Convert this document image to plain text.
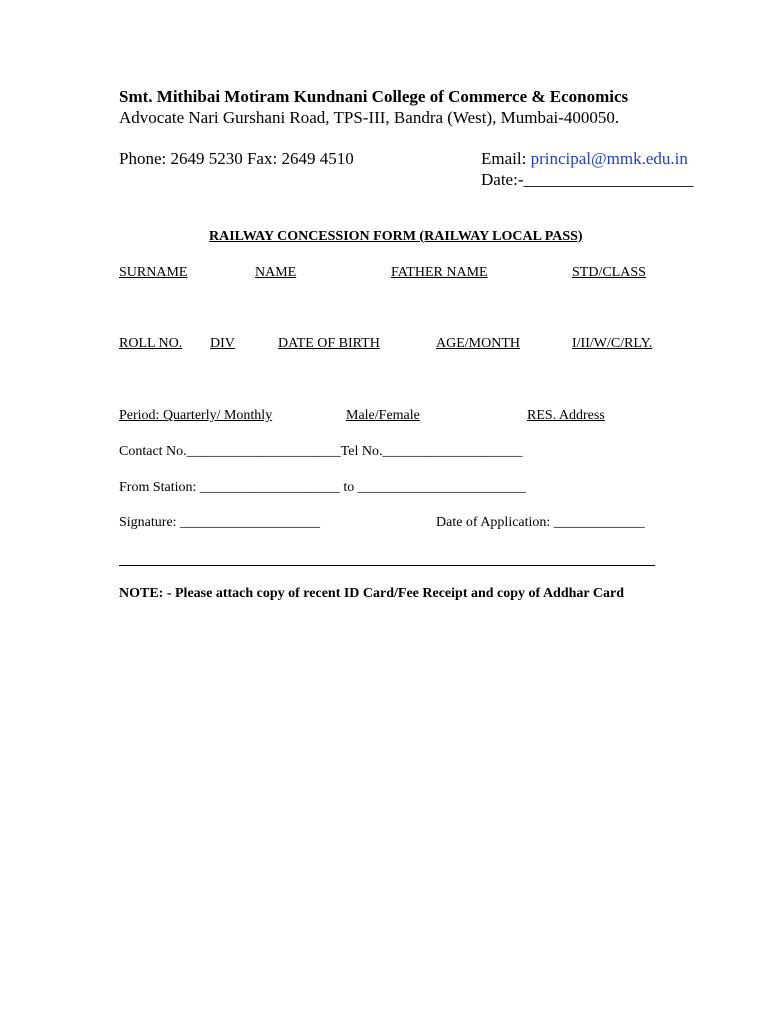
Smt. Mithibai Motiram Kundnani College of Commerce & Economics
Advocate Nari Gurshani Road, TPS-III, Bandra (West), Mumbai-400050.
Phone: 2649 5230 Fax: 2649 4510	Email: principal@mmk.edu.in
Date:-____________________
RAILWAY CONCESSION FORM (RAILWAY LOCAL PASS)
SURNAME	NAME	FATHER NAME	STD/CLASS
ROLL NO. DIV	DATE OF BIRTH	AGE/MONTH	I/II/W/C/RLY.
Period: Quarterly/ Monthly	Male/Female	RES. Address
Contact No.______________________Tel No.____________________
From Station: ____________________ to ________________________
Signature: ____________________	Date of Application: _____________
NOTE: - Please attach copy of recent ID Card/Fee Receipt and copy of Addhar Card
